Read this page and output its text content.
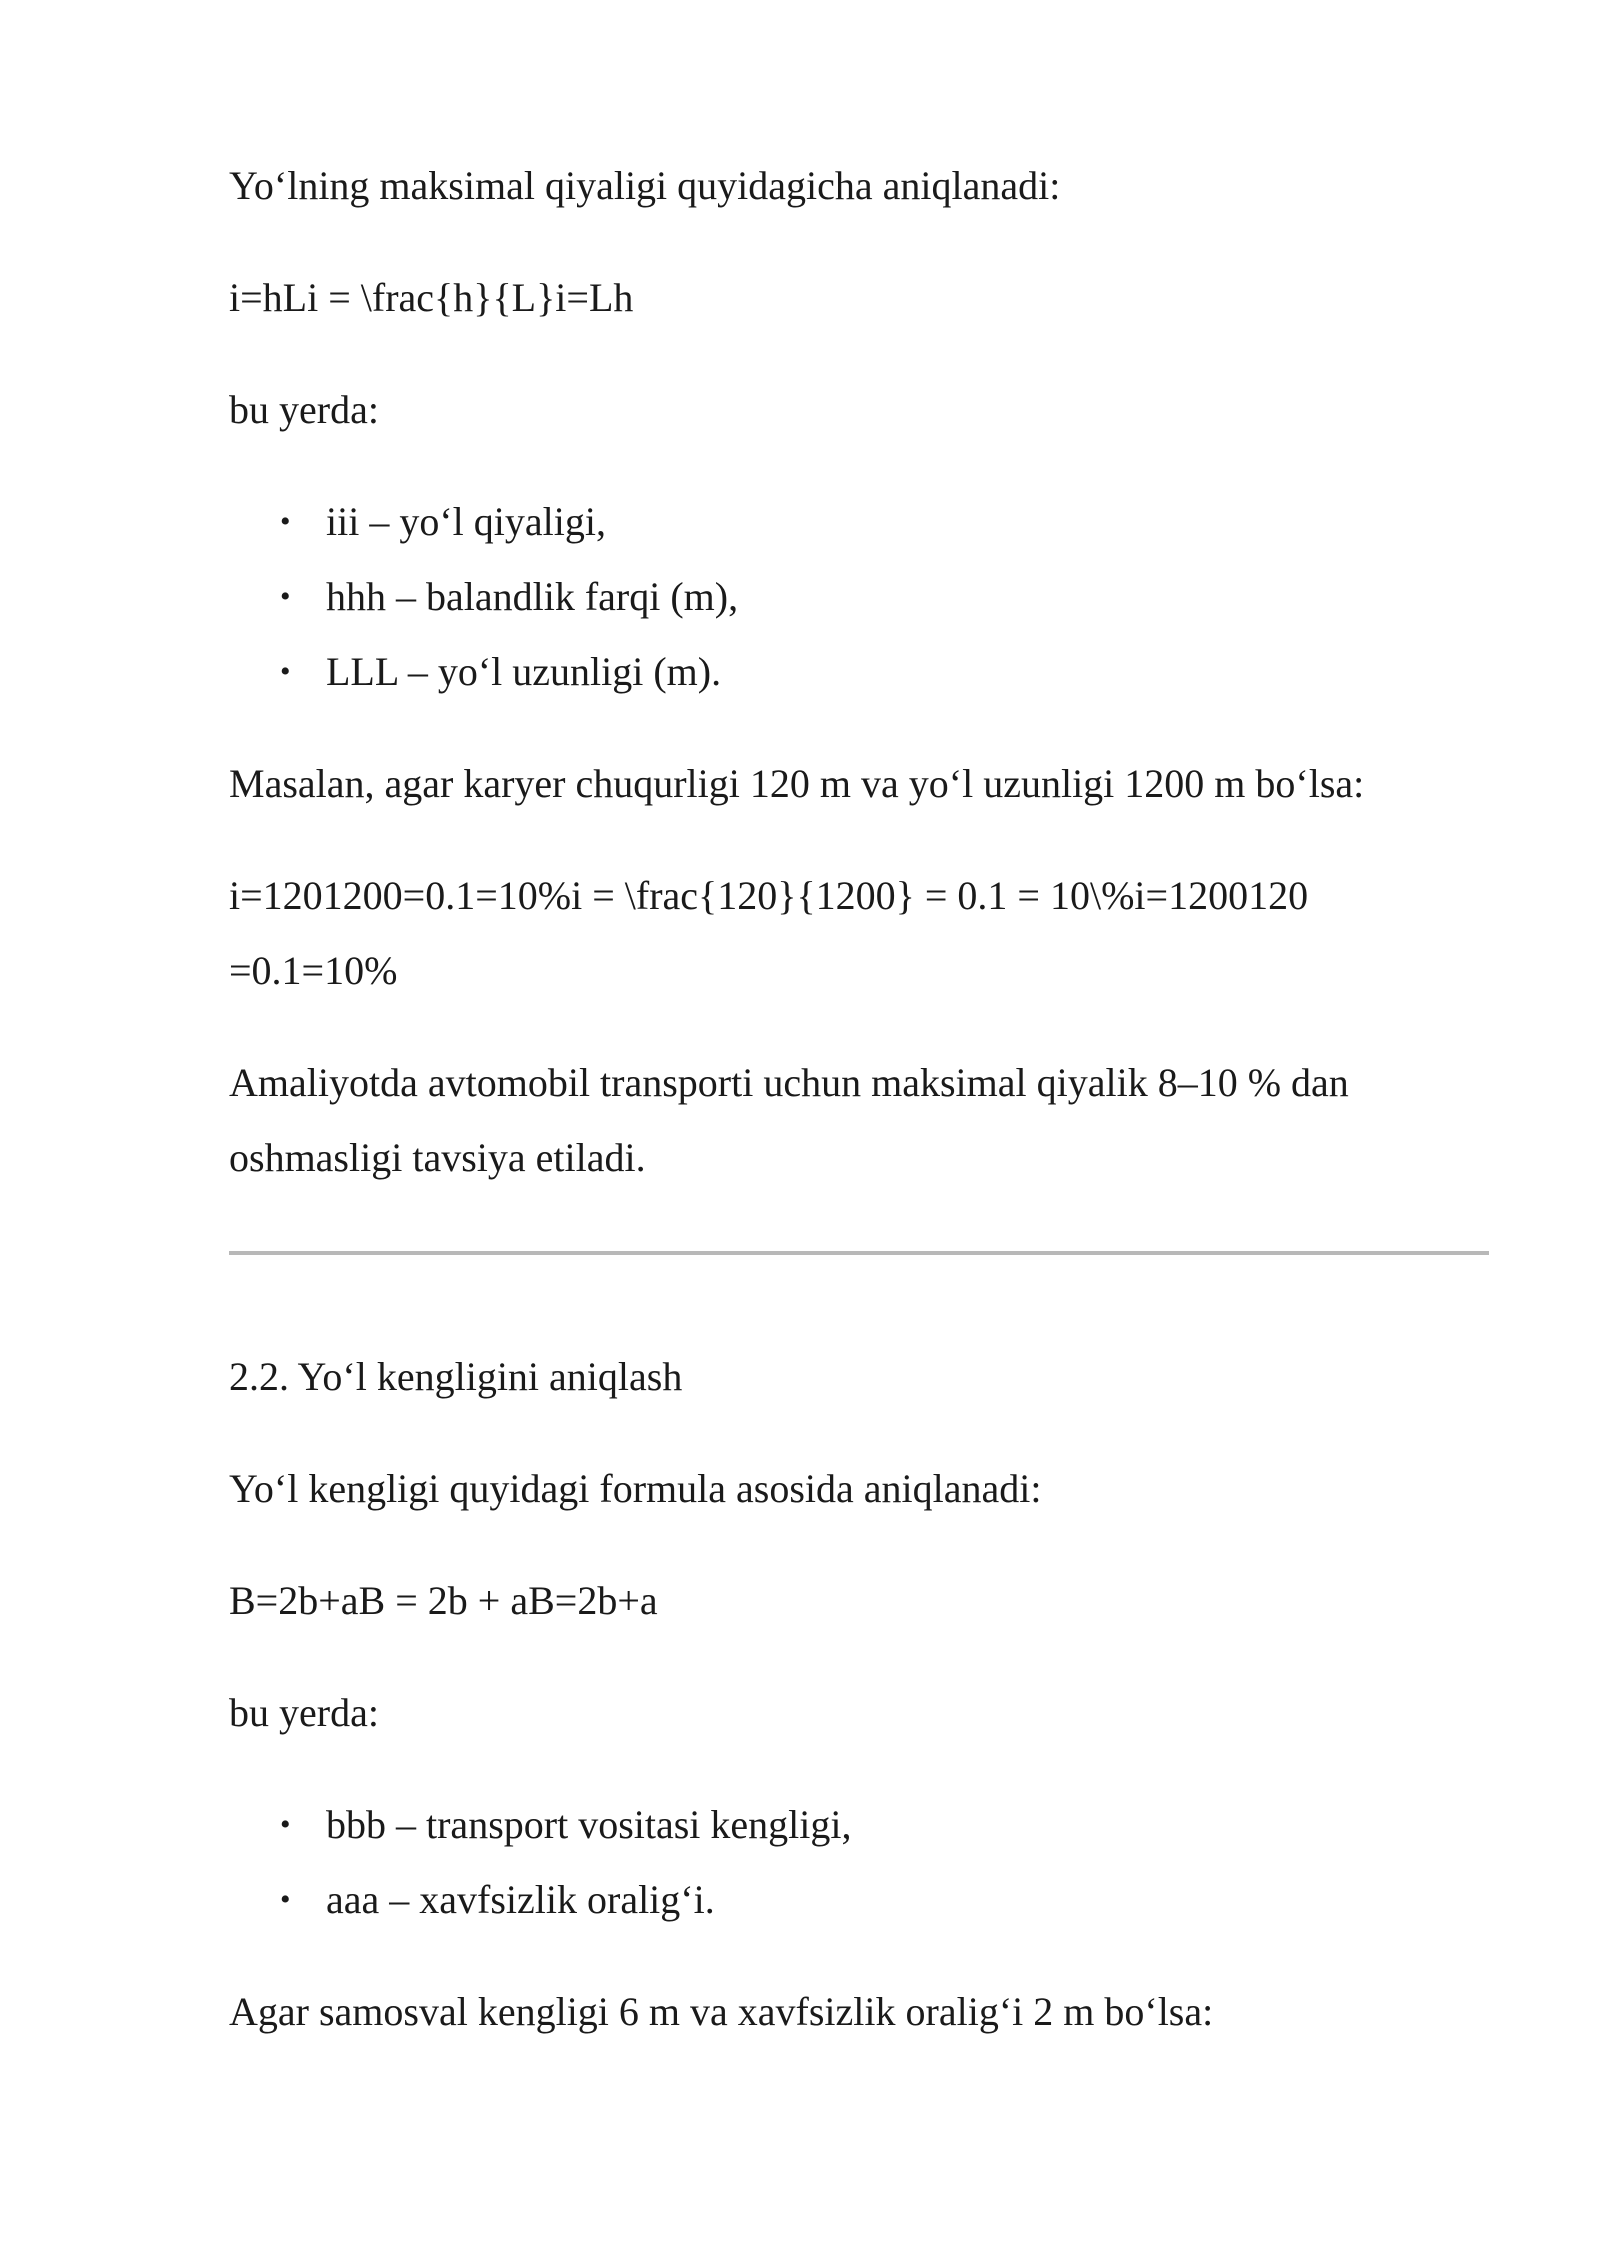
Yo‘lning maksimal qiyaligi quyidagicha aniqlanadi:

i=hLi = \frac{h}{L}i=Lh

bu yerda:

• iii – yo‘l qiyaligi,
• hhh – balandlik farqi (m),
• LLL – yo‘l uzunligi (m).

Masalan, agar karyer chuqurligi 120 m va yo‘l uzunligi 1200 m bo‘lsa:

i=1201200=0.1=10%i = \frac{120}{1200} = 0.1 = 10\%i=1200120

=0.1=10%

Amaliyotda avtomobil transporti uchun maksimal qiyalik 8–10 % dan oshmasligi tavsiya etiladi.

2.2. Yo‘l kengligini aniqlash

Yo‘l kengligi quyidagi formula asosida aniqlanadi:

B=2b+aB = 2b + aB=2b+a

bu yerda:

• bbb – transport vositasi kengligi,
• aaa – xavfsizlik oralig‘i.

Agar samosval kengligi 6 m va xavfsizlik oralig‘i 2 m bo‘lsa:
